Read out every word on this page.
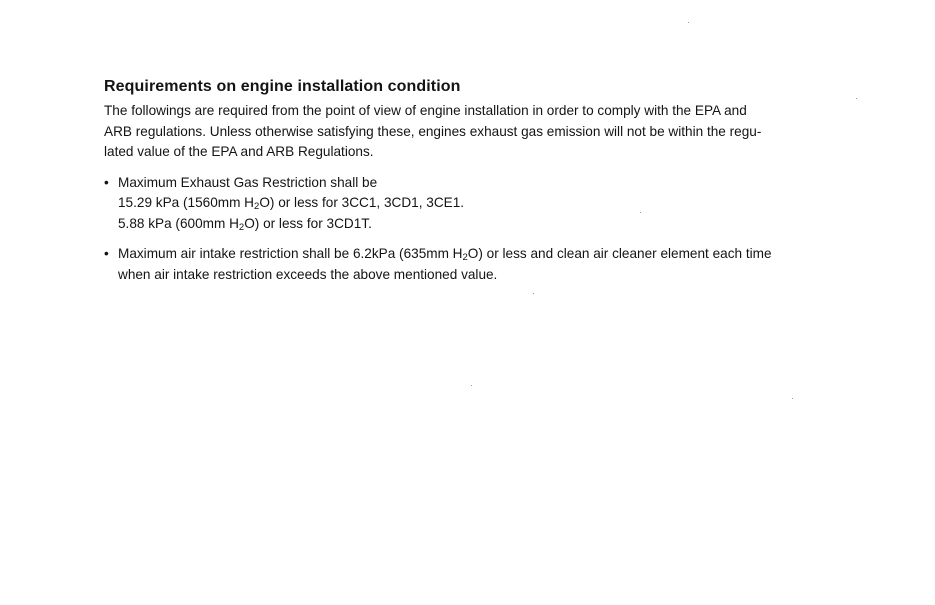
Requirements on engine installation condition

The followings are required from the point of view of engine installation in order to comply with the EPA and
ARB regulations. Unless otherwise satisfying these, engines exhaust gas emission will not be within the regu-
lated value of the EPA and ARB Regulations.

• Maximum Exhaust Gas Restriction shall be
15.29 kPa (1560mm $H_2O$) or less for 3CC1, 3CD1, 3CE1.
5.88 kPa (600mm $H_2O$) or less for 3CD1T.
• Maximum air intake restriction shall be 6.2kPa (635mm $H_2O$) or less and clean air cleaner element each time
when air intake restriction exceeds the above mentioned value.
